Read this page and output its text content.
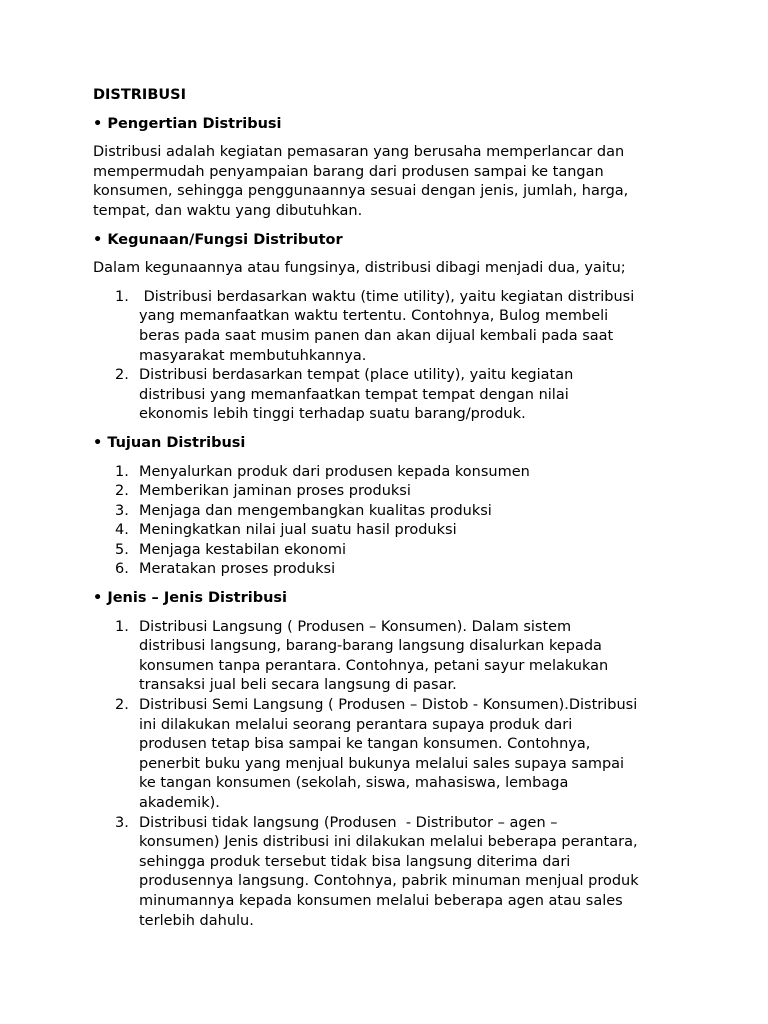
DISTRIBUSI
• Pengertian Distribusi
Distribusi adalah kegiatan pemasaran yang berusaha memperlancar dan
mempermudah penyampaian barang dari produsen sampai ke tangan
konsumen, sehingga penggunaannya sesuai dengan jenis, jumlah, harga,
tempat, dan waktu yang dibutuhkan.
• Kegunaan/Fungsi Distributor
Dalam kegunaannya atau fungsinya, distribusi dibagi menjadi dua, yaitu;
1. Distribusi berdasarkan waktu (time utility), yaitu kegiatan distribusi
yang memanfaatkan waktu tertentu. Contohnya, Bulog membeli
beras pada saat musim panen dan akan dijual kembali pada saat
masyarakat membutuhkannya.
2. Distribusi berdasarkan tempat (place utility), yaitu kegiatan
distribusi yang memanfaatkan tempat tempat dengan nilai
ekonomis lebih tinggi terhadap suatu barang/produk.
• Tujuan Distribusi
1. Menyalurkan produk dari produsen kepada konsumen
2. Memberikan jaminan proses produksi
3. Menjaga dan mengembangkan kualitas produksi
4. Meningkatkan nilai jual suatu hasil produksi
5. Menjaga kestabilan ekonomi
6. Meratakan proses produksi
• Jenis – Jenis Distribusi
1. Distribusi Langsung ( Produsen – Konsumen). Dalam sistem
distribusi langsung, barang-barang langsung disalurkan kepada
konsumen tanpa perantara. Contohnya, petani sayur melakukan
transaksi jual beli secara langsung di pasar.
2. Distribusi Semi Langsung ( Produsen – Distob - Konsumen).Distribusi
ini dilakukan melalui seorang perantara supaya produk dari
produsen tetap bisa sampai ke tangan konsumen. Contohnya,
penerbit buku yang menjual bukunya melalui sales supaya sampai
ke tangan konsumen (sekolah, siswa, mahasiswa, lembaga
akademik).
3. Distribusi tidak langsung (Produsen  - Distributor – agen –
konsumen) Jenis distribusi ini dilakukan melalui beberapa perantara,
sehingga produk tersebut tidak bisa langsung diterima dari
produsennya langsung. Contohnya, pabrik minuman menjual produk
minumannya kepada konsumen melalui beberapa agen atau sales
terlebih dahulu.
